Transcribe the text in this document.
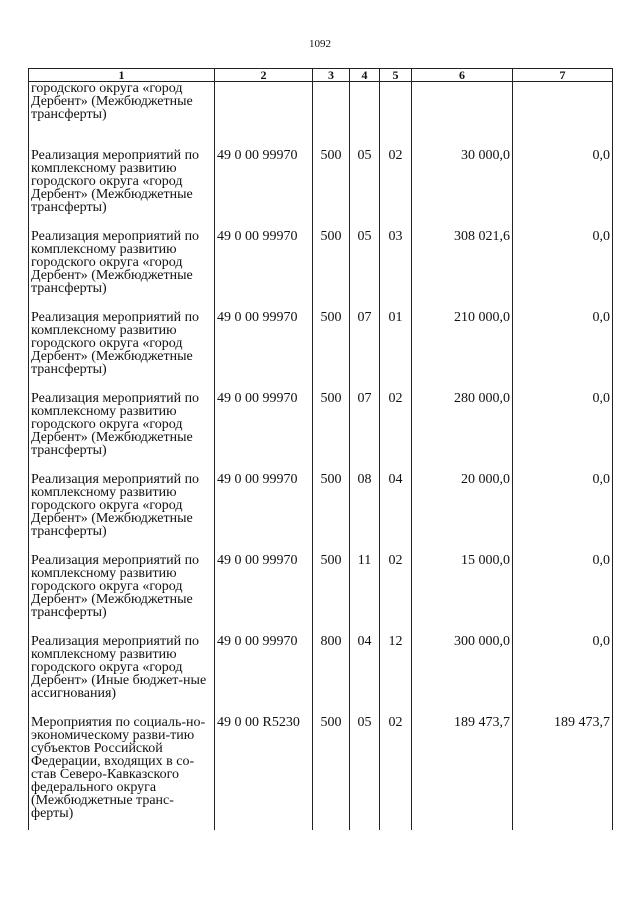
1092
1	2	3	4	5	6	7
городского округа «город Дербент» (Межбюджетные трансферты)						
Реализация мероприятий по комплексному развитию городского округа «город Дербент» (Межбюджетные трансферты)	49 0 00 99970	500	05	02	30 000,0	0,0
Реализация мероприятий по комплексному развитию городского округа «город Дербент» (Межбюджетные трансферты)	49 0 00 99970	500	05	03	308 021,6	0,0
Реализация мероприятий по комплексному развитию городского округа «город Дербент» (Межбюджетные трансферты)	49 0 00 99970	500	07	01	210 000,0	0,0
Реализация мероприятий по комплексному развитию городского округа «город Дербент» (Межбюджетные трансферты)	49 0 00 99970	500	07	02	280 000,0	0,0
Реализация мероприятий по комплексному развитию городского округа «город Дербент» (Межбюджетные трансферты)	49 0 00 99970	500	08	04	20 000,0	0,0
Реализация мероприятий по комплексному развитию городского округа «город Дербент» (Межбюджетные трансферты)	49 0 00 99970	500	11	02	15 000,0	0,0
Реализация мероприятий по комплексному развитию городского округа «город Дербент» (Иные бюджет-ные ассигнования)	49 0 00 99970	800	04	12	300 000,0	0,0
Мероприятия по социаль-но-экономическому разви-тию субъектов Российской Федерации, входящих в со-став Северо-Кавказского федерального округа (Межбюджетные транс-ферты)	49 0 00 R5230	500	05	02	189 473,7	189 473,7
